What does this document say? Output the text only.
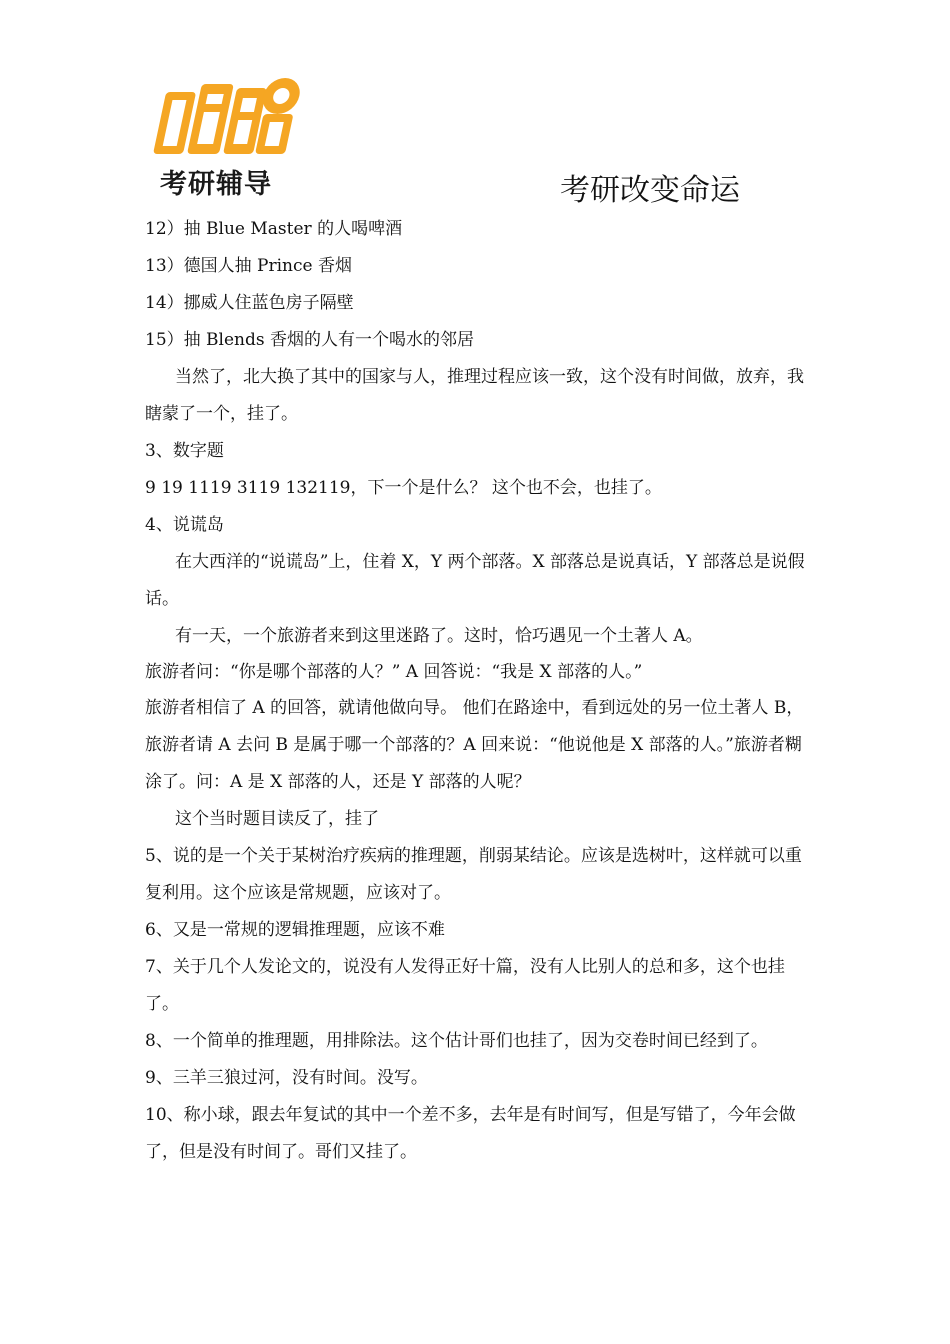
考研辅导	考研改变命运

12）抽 Blue Master 的人喝啤酒

13）德国人抽 Prince 香烟

14）挪威人住蓝色房子隔壁

15）抽 Blends 香烟的人有一个喝水的邻居

当然了，北大换了其中的国家与人，推理过程应该一致，这个没有时间做，放弃，我瞎蒙了一个，挂了。

3、数字题

9 19 1119 3119 132119，下一个是什么？ 这个也不会，也挂了。

4、说谎岛

在大西洋的“说谎岛”上，住着 X，Y 两个部落。X 部落总是说真话，Y 部落总是说假话。

有一天，一个旅游者来到这里迷路了。这时，恰巧遇见一个土著人 A。

旅游者问：“你是哪个部落的人？” A 回答说：“我是 X 部落的人。”

旅游者相信了 A 的回答，就请他做向导。 他们在路途中，看到远处的另一位土著人 B，旅游者请 A 去问 B 是属于哪一个部落的？A 回来说：“他说他是 X 部落的人。”旅游者糊涂了。问：A 是 X 部落的人，还是 Y 部落的人呢？

这个当时题目读反了，挂了

5、说的是一个关于某树治疗疾病的推理题，削弱某结论。应该是选树叶，这样就可以重复利用。这个应该是常规题，应该对了。

6、又是一常规的逻辑推理题，应该不难

7、关于几个人发论文的，说没有人发得正好十篇，没有人比别人的总和多，这个也挂了。

8、一个简单的推理题，用排除法。这个估计哥们也挂了，因为交卷时间已经到了。

9、三羊三狼过河，没有时间。没写。

10、称小球，跟去年复试的其中一个差不多，去年是有时间写，但是写错了，今年会做了，但是没有时间了。哥们又挂了。
